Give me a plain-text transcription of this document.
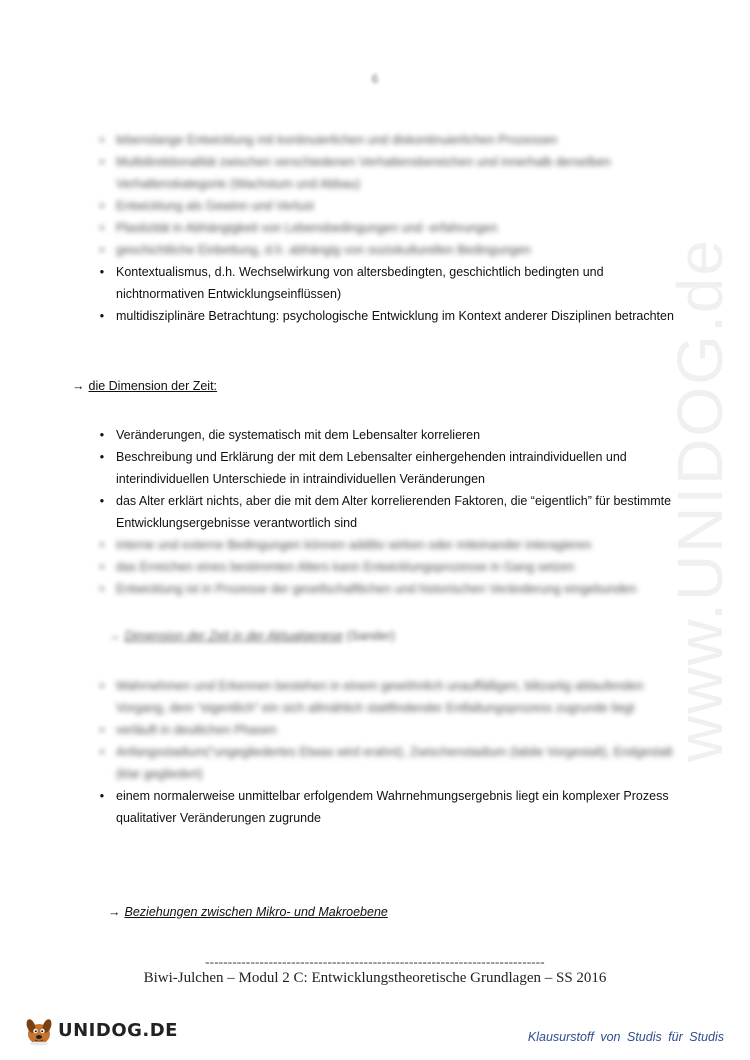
6
www.UNIDOG.de
• lebenslange Entwicklung mit kontinuierlichen und diskontinuierlichen Prozessen
• Multidirektionalität zwischen verschiedenen Verhaltensbereichen und innerhalb derselben Verhaltenskategorie (Wachstum und Abbau)
• Entwicklung als Gewinn und Verlust
• Plastizität in Abhängigkeit von Lebensbedingungen und -erfahrungen
• geschichtliche Einbettung, d.h. abhängig von soziokulturellen Bedingungen
• Kontextualismus, d.h. Wechselwirkung von altersbedingten, geschichtlich bedingten und nichtnormativen Entwicklungseinflüssen)
• multidisziplinäre Betrachtung: psychologische Entwicklung im Kontext anderer Disziplinen betrachten
→ die Dimension der Zeit:
• Veränderungen, die systematisch mit dem Lebensalter korrelieren
• Beschreibung und Erklärung der mit dem Lebensalter einhergehenden intraindividuellen und interindividuellen Unterschiede in intraindividuellen Veränderungen
• das Alter erklärt nichts, aber die mit dem Alter korrelierenden Faktoren, die “eigentlich” für bestimmte Entwicklungsergebnisse verantwortlich sind
• interne und externe Bedingungen können additiv wirken oder miteinander interagieren
• das Erreichen eines bestimmten Alters kann Entwicklungsprozesse in Gang setzen
• Entwicklung ist in Prozesse der gesellschaftlichen und historischen Veränderung eingebunden
→ Dimension der Zeit in der Aktualgenese (Sander)
• Wahrnehmen und Erkennen bestehen in einem gewöhnlich unauffälligen, blitzartig ablaufenden Vorgang, dem “eigentlich” ein sich allmählich stattfindender Entfaltungsprozess zugrunde liegt
• verläuft in deutlichen Phasen
• Anfangsstadium(“ungegliedertes Etwas wird erahnt), Zwischenstadium (labile Vorgestalt), Endgestalt (klar gegliedert)
• einem normalerweise unmittelbar erfolgendem Wahrnehmungsergebnis liegt ein komplexer Prozess qualitativer Veränderungen zugrunde
→ Beziehungen zwischen Mikro- und Makroebene
---------------------------------------------------------------------------
Biwi-Julchen – Modul 2 C: Entwicklungstheoretische Grundlagen – SS 2016
UNIDOG.DE	Klausurstoff von Studis für Studis
